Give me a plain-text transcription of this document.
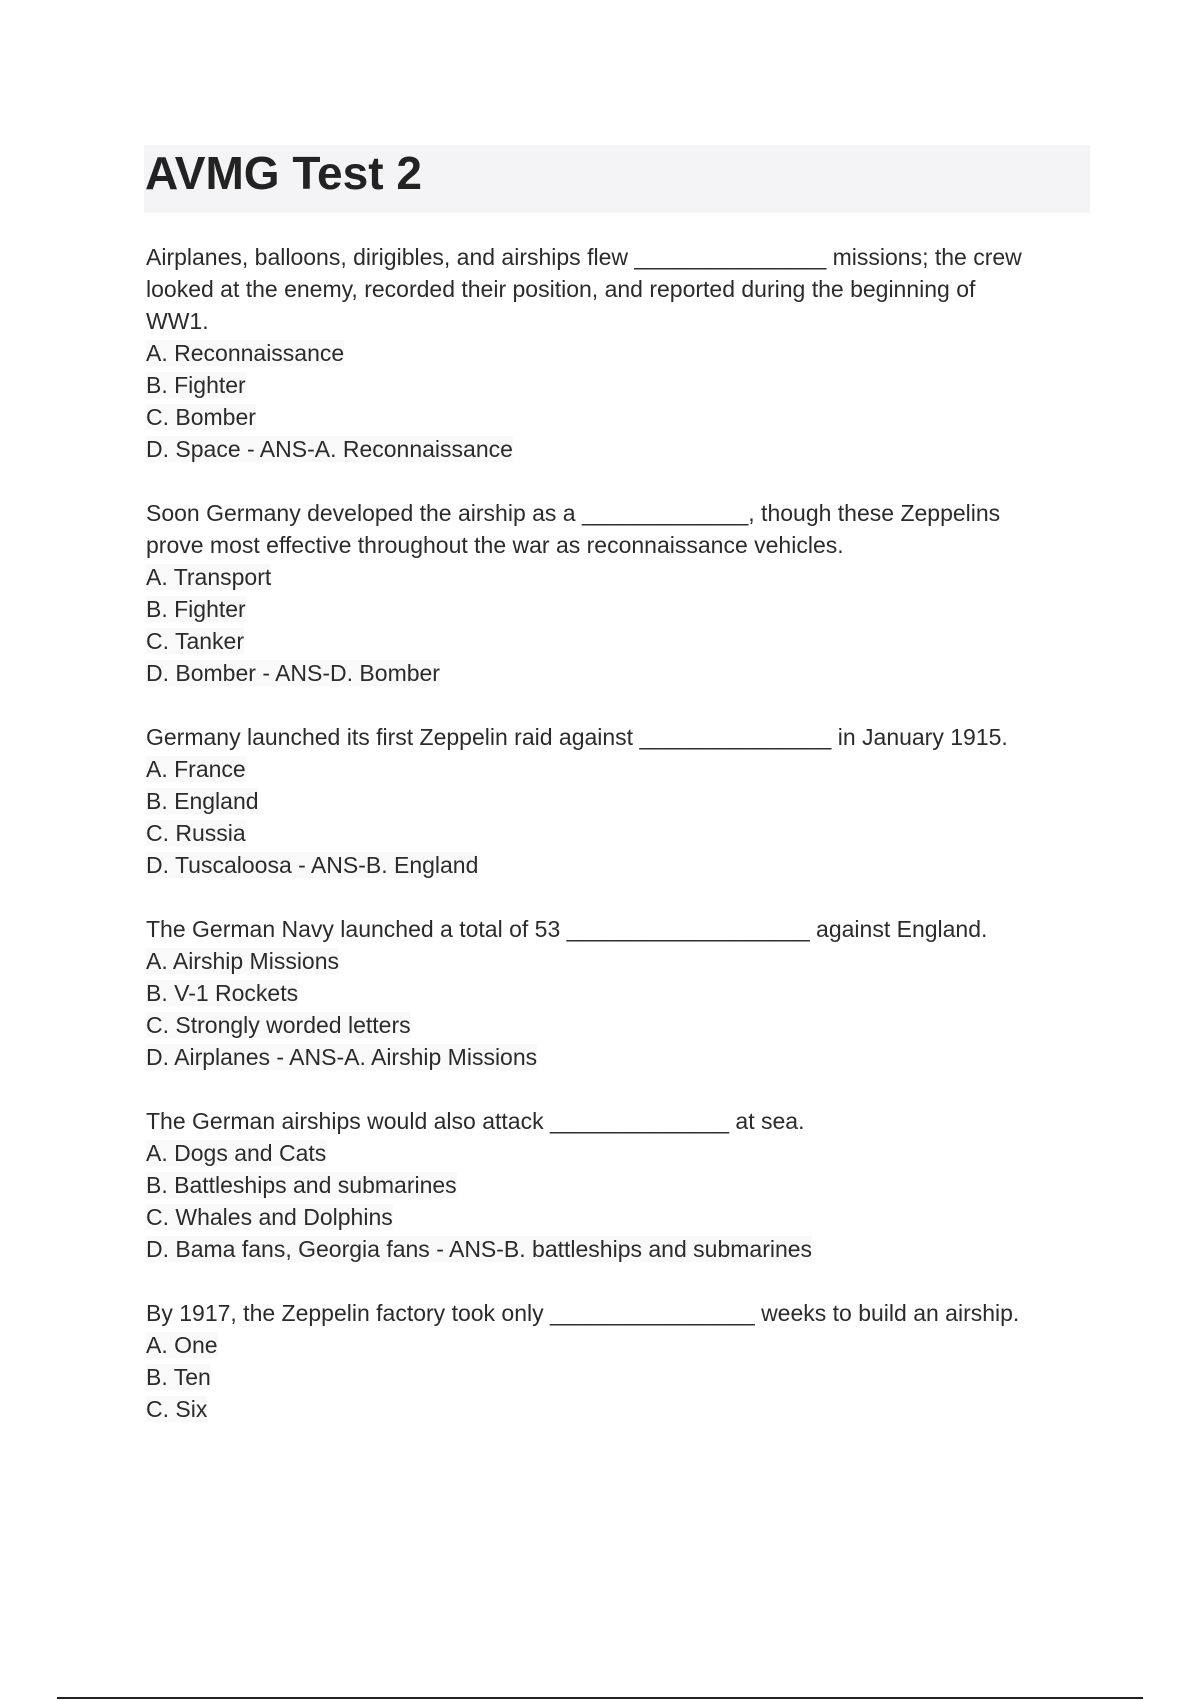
AVMG Test 2
Airplanes, balloons, dirigibles, and airships flew _______________ missions; the crew
looked at the enemy, recorded their position, and reported during the beginning of
WW1.
A. Reconnaissance
B. Fighter
C. Bomber
D. Space - ANS-A. Reconnaissance
Soon Germany developed the airship as a _____________, though these Zeppelins
prove most effective throughout the war as reconnaissance vehicles.
A. Transport
B. Fighter
C. Tanker
D. Bomber - ANS-D. Bomber
Germany launched its first Zeppelin raid against _______________ in January 1915.
A. France
B. England
C. Russia
D. Tuscaloosa - ANS-B. England
The German Navy launched a total of 53 ___________________ against England.
A. Airship Missions
B. V-1 Rockets
C. Strongly worded letters
D. Airplanes - ANS-A. Airship Missions
The German airships would also attack ______________ at sea.
A. Dogs and Cats
B. Battleships and submarines
C. Whales and Dolphins
D. Bama fans, Georgia fans - ANS-B. battleships and submarines
By 1917, the Zeppelin factory took only ________________ weeks to build an airship.
A. One
B. Ten
C. Six
